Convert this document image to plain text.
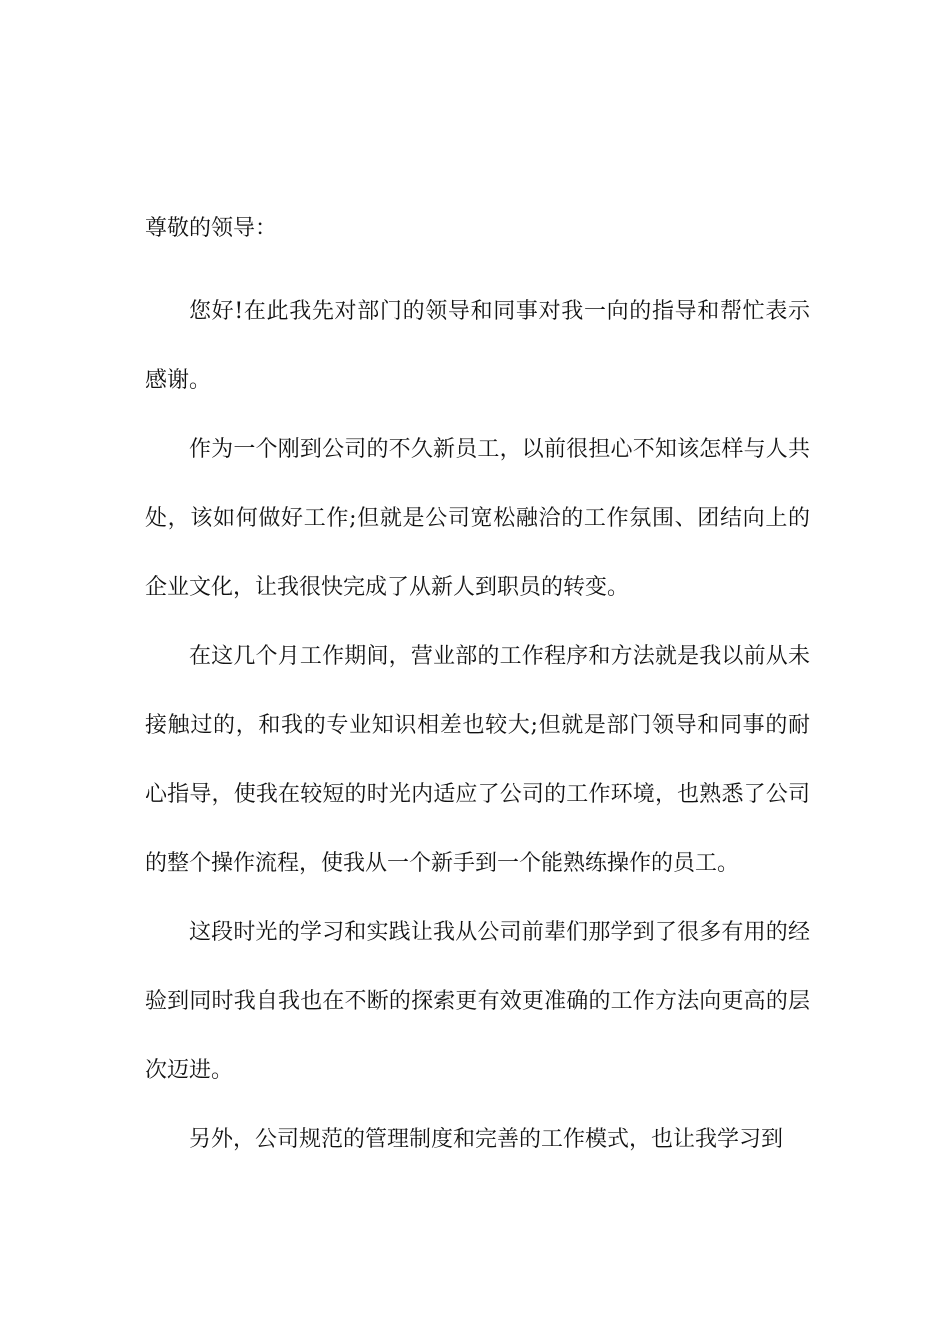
尊敬的领导：

您好!在此我先对部门的领导和同事对我一向的指导和帮忙表示感谢。

作为一个刚到公司的不久新员工，以前很担心不知该怎样与人共处，该如何做好工作;但就是公司宽松融洽的工作氛围、团结向上的企业文化，让我很快完成了从新人到职员的转变。

在这几个月工作期间，营业部的工作程序和方法就是我以前从未接触过的，和我的专业知识相差也较大;但就是部门领导和同事的耐心指导，使我在较短的时光内适应了公司的工作环境，也熟悉了公司的整个操作流程，使我从一个新手到一个能熟练操作的员工。

这段时光的学习和实践让我从公司前辈们那学到了很多有用的经验到同时我自我也在不断的探索更有效更准确的工作方法向更高的层次迈进。

另外，公司规范的管理制度和完善的工作模式，也让我学习到
